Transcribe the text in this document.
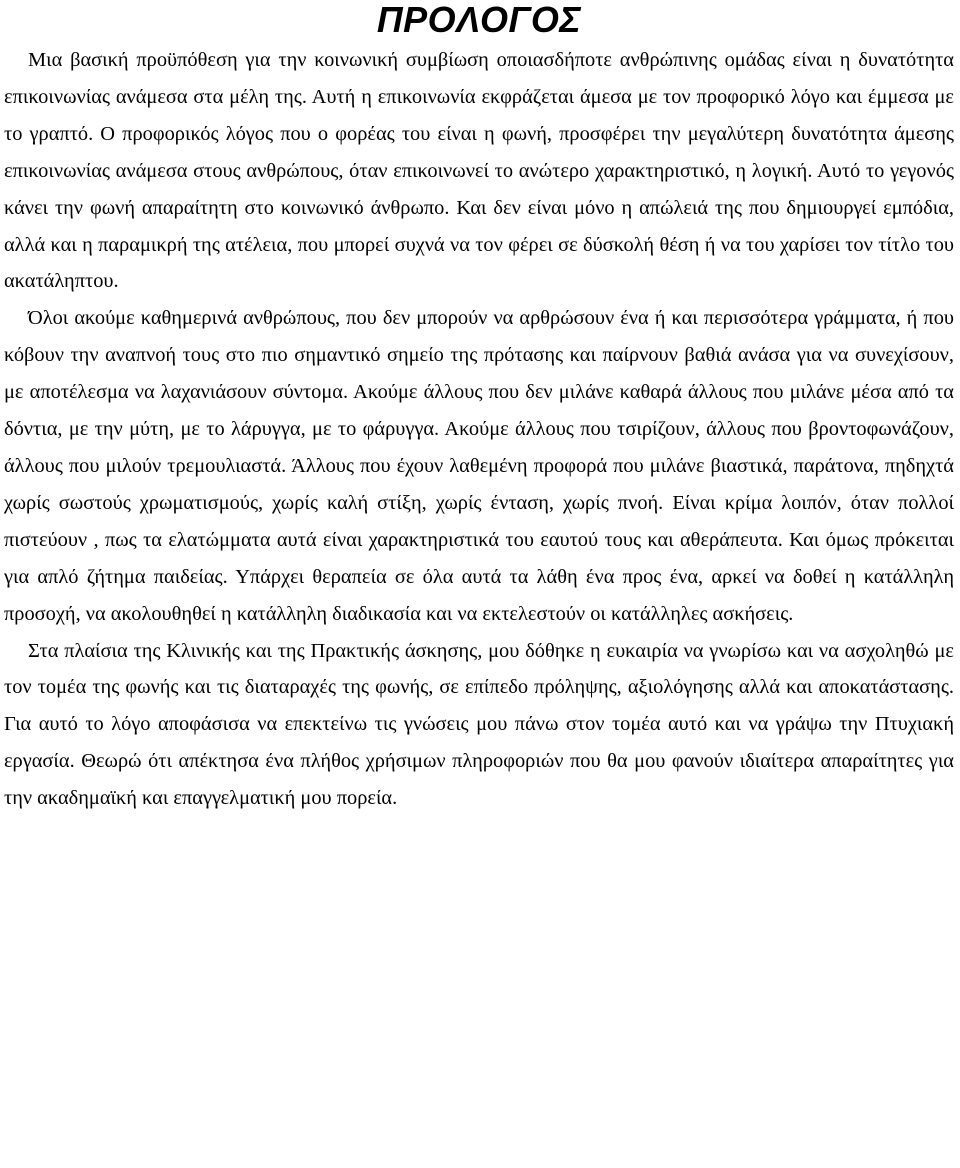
ΠΡΟΛΟΓΟΣ

Μια βασική προϋπόθεση για την κοινωνική συμβίωση οποιασδήποτε ανθρώπινης ομάδας είναι η δυνατότητα επικοινωνίας ανάμεσα στα μέλη της. Αυτή η επικοινωνία εκφράζεται άμεσα με τον προφορικό λόγο και έμμεσα με το γραπτό. Ο προφορικός λόγος που ο φορέας του είναι η φωνή, προσφέρει την μεγαλύτερη δυνατότητα άμεσης επικοινωνίας ανάμεσα στους ανθρώπους, όταν επικοινωνεί το ανώτερο χαρακτηριστικό, η λογική. Αυτό το γεγονός κάνει την φωνή απαραίτητη στο κοινωνικό άνθρωπο. Και δεν είναι μόνο η απώλειά της που δημιουργεί εμπόδια, αλλά και η παραμικρή της ατέλεια, που μπορεί συχνά να τον φέρει σε δύσκολή θέση ή να του χαρίσει τον τίτλο του ακατάληπτου.

Όλοι ακούμε καθημερινά ανθρώπους, που δεν μπορούν να αρθρώσουν ένα ή και περισσότερα γράμματα, ή που κόβουν την αναπνοή τους στο πιο σημαντικό σημείο της πρότασης και παίρνουν βαθιά ανάσα για να συνεχίσουν, με αποτέλεσμα να λαχανιάσουν σύντομα. Ακούμε άλλους που δεν μιλάνε καθαρά άλλους που μιλάνε μέσα από τα δόντια, με την μύτη, με το λάρυγγα, με το φάρυγγα. Ακούμε άλλους που τσιρίζουν, άλλους που βροντοφωνάζουν, άλλους που μιλούν τρεμουλιαστά. Άλλους που έχουν λαθεμένη προφορά που μιλάνε βιαστικά, παράτονα, πηδηχτά χωρίς σωστούς χρωματισμούς, χωρίς καλή στίξη, χωρίς ένταση, χωρίς πνοή. Είναι κρίμα λοιπόν, όταν πολλοί πιστεύουν , πως τα ελατώμματα αυτά είναι χαρακτηριστικά του εαυτού τους και αθεράπευτα. Και όμως πρόκειται για απλό ζήτημα παιδείας. Υπάρχει θεραπεία σε όλα αυτά τα λάθη ένα προς ένα, αρκεί να δοθεί η κατάλληλη προσοχή, να ακολουθηθεί η κατάλληλη διαδικασία και να εκτελεστούν οι κατάλληλες ασκήσεις.

Στα πλαίσια της Κλινικής και της Πρακτικής άσκησης, μου δόθηκε η ευκαιρία να γνωρίσω και να ασχοληθώ με τον τομέα της φωνής και τις διαταραχές της φωνής, σε επίπεδο πρόληψης, αξιολόγησης αλλά και αποκατάστασης. Για αυτό το λόγο αποφάσισα να επεκτείνω τις γνώσεις μου πάνω στον τομέα αυτό και να γράψω την Πτυχιακή εργασία. Θεωρώ ότι απέκτησα ένα πλήθος χρήσιμων πληροφοριών που θα μου φανούν ιδιαίτερα απαραίτητες για την ακαδημαϊκή και επαγγελματική μου πορεία.
